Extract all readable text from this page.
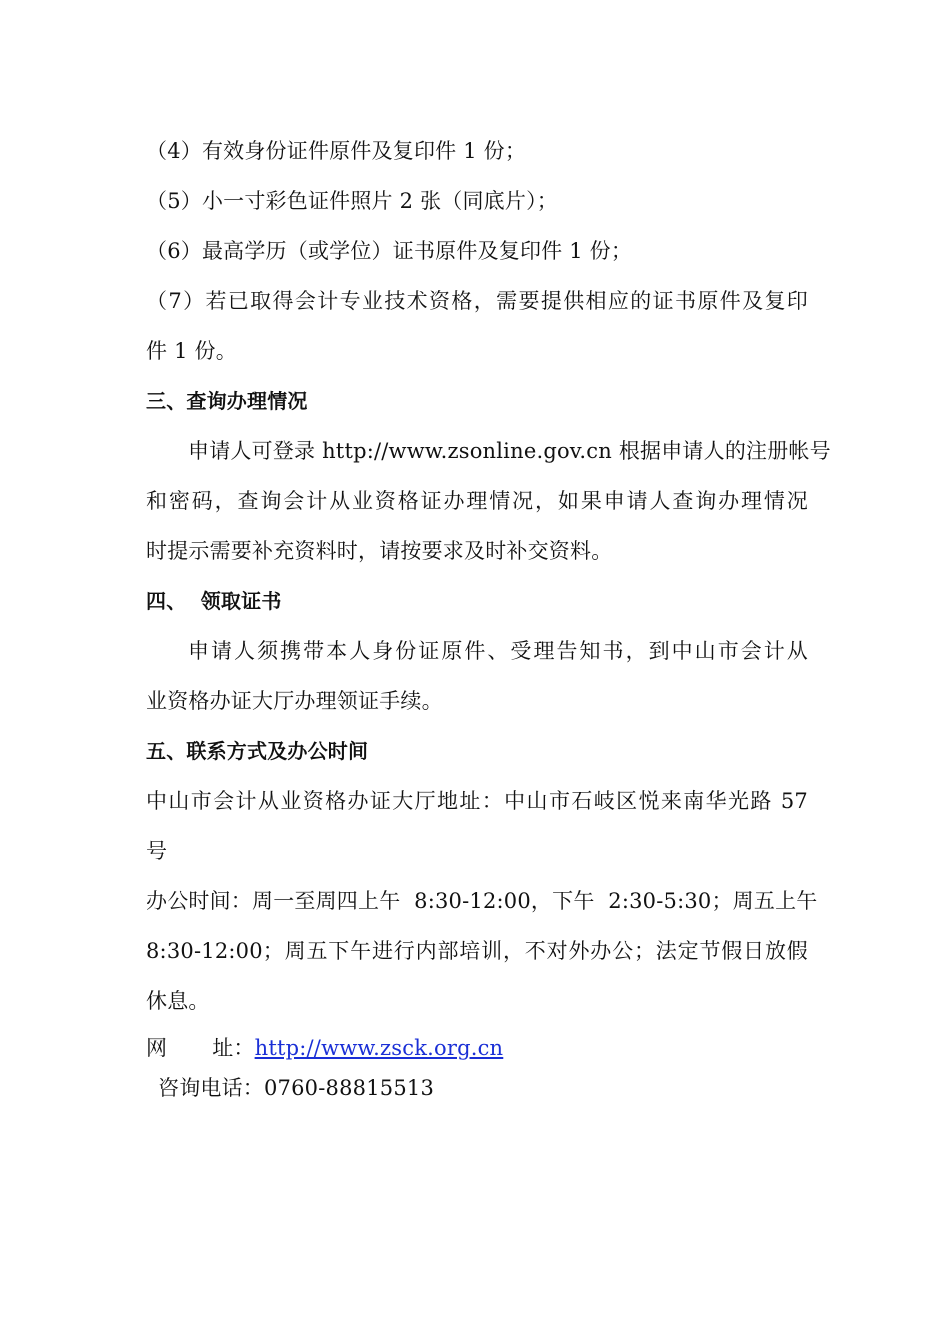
（4）有效身份证件原件及复印件 1 份；
（5）小一寸彩色证件照片 2 张（同底片）；
（6）最高学历（或学位）证书原件及复印件 1 份；
（7）若已取得会计专业技术资格，需要提供相应的证书原件及复印
件 1 份。
三、查询办理情况
申请人可登录 http://www.zsonline.gov.cn 根据申请人的注册帐号
和密码，查询会计从业资格证办理情况，如果申请人查询办理情况
时提示需要补充资料时，请按要求及时补交资料。
四、  领取证书
申请人须携带本人身份证原件、受理告知书，到中山市会计从
业资格办证大厅办理领证手续。
五、联系方式及办公时间
中山市会计从业资格办证大厅地址：中山市石岐区悦来南华光路 57
号
办公时间：周一至周四上午  8:30-12:00，下午  2:30-5:30；周五上午
8:30-12:00；周五下午进行内部培训，不对外办公；法定节假日放假
休息。
网 址：http://www.zsck.org.cn
咨询电话：0760-88815513
